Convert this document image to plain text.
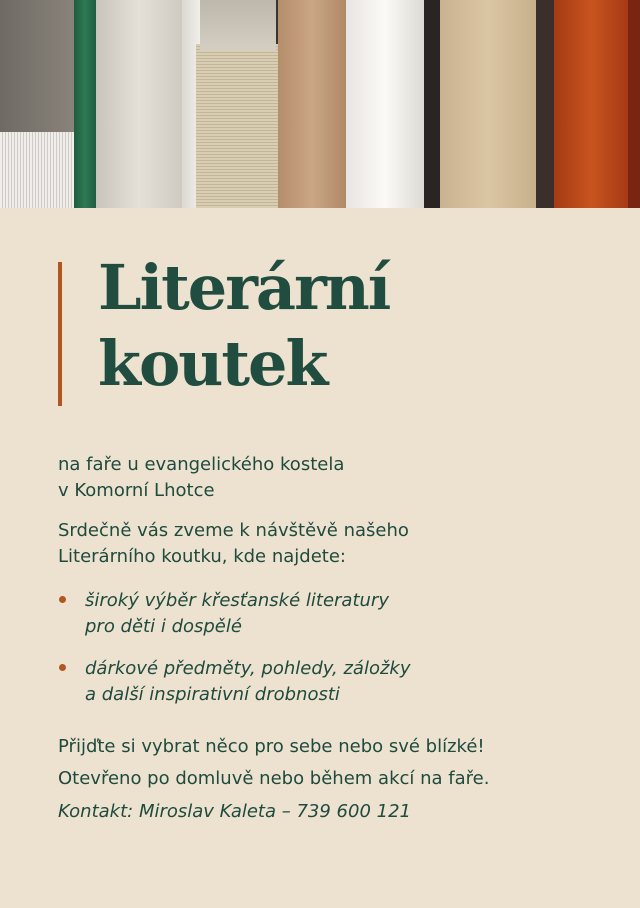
Literární
koutek

na faře u evangelického kostela
v Komorní Lhotce

Srdečně vás zveme k návštěvě našeho
Literárního koutku, kde najdete:

široký výběr křesťanské literatury
pro děti i dospělé
dárkové předměty, pohledy, záložky
a další inspirativní drobnosti

Přijďte si vybrat něco pro sebe nebo své blízké!

Otevřeno po domluvě nebo během akcí na faře.

Kontakt: Miroslav Kaleta – 739 600 121
